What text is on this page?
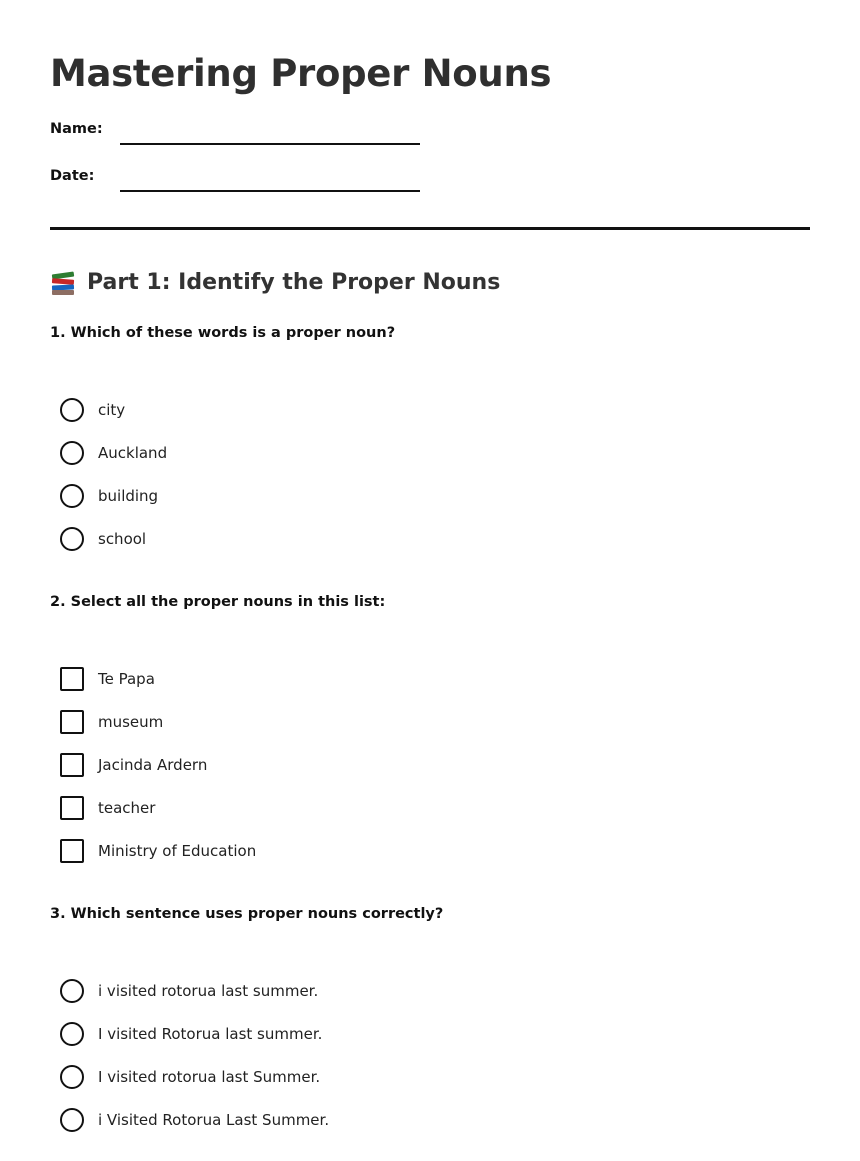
Mastering Proper Nouns
Name:
Date:
Part 1: Identify the Proper Nouns

1. Which of these words is a proper noun?

city
Auckland
building
school

2. Select all the proper nouns in this list:

Te Papa
museum
Jacinda Ardern
teacher
Ministry of Education

3. Which sentence uses proper nouns correctly?

i visited rotorua last summer.
I visited Rotorua last summer.
I visited rotorua last Summer.
i Visited Rotorua Last Summer.
